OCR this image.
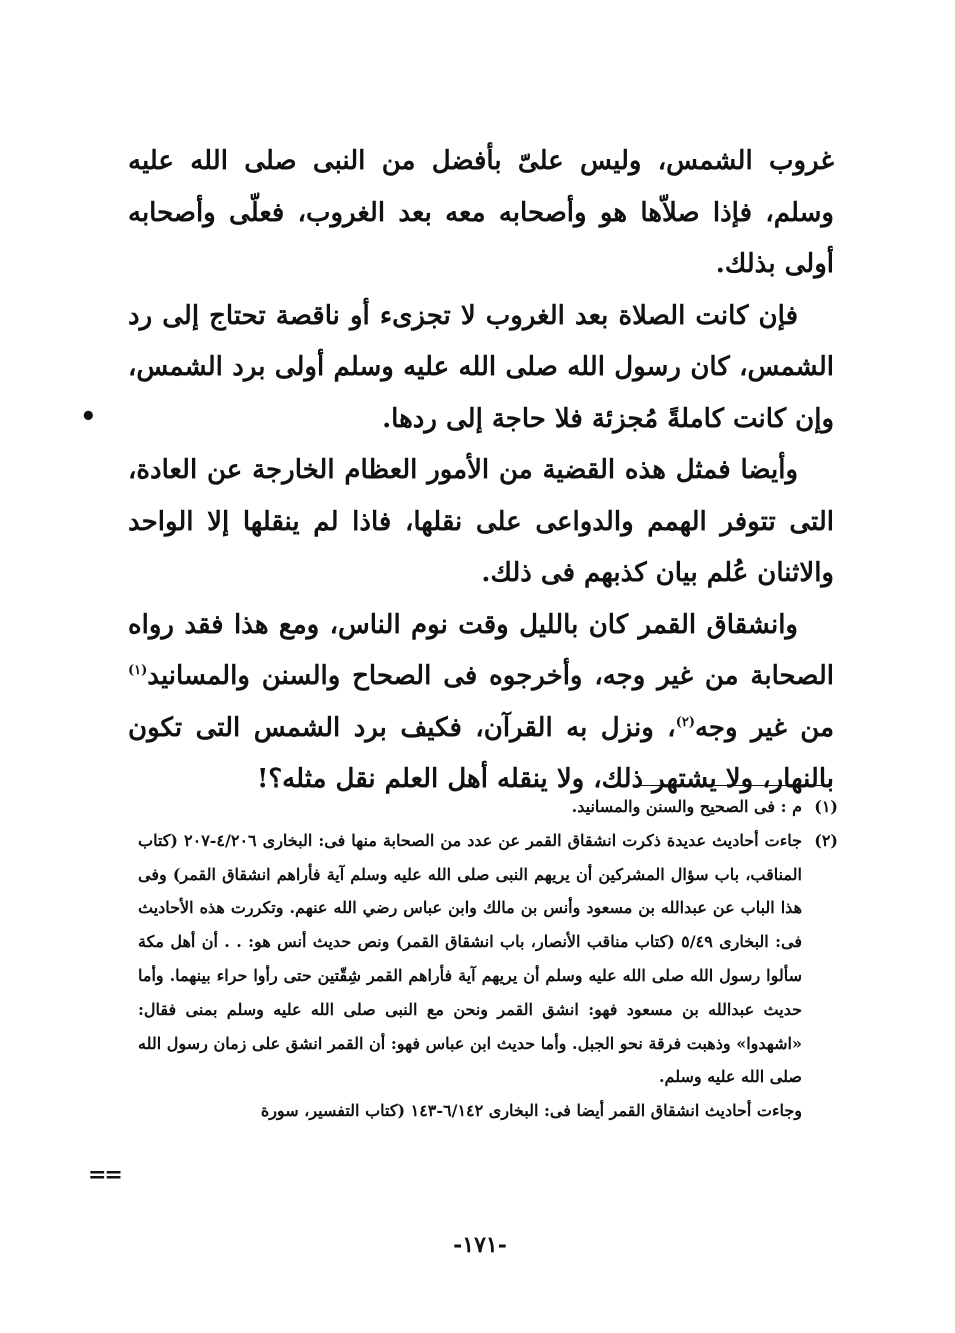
غروب الشمس، وليس علىّ بأفضل من النبى صلى الله عليه وسلم، فإذا صلاّها هو وأصحابه معه بعد الغروب، فعلّى وأصحابه أولى بذلك.

فإن كانت الصلاة بعد الغروب لا تجزىء أو ناقصة تحتاج إلى رد الشمس، كان رسول الله صلى الله عليه وسلم أولى برد الشمس، وإن كانت كاملةً مُجزئة فلا حاجة إلى ردها.

وأيضا فمثل هذه القضية من الأمور العظام الخارجة عن العادة، التى تتوفر الهمم والدواعى على نقلها، فاذا لم ينقلها إلا الواحد والاثنان عُلم بيان كذبهم فى ذلك.

وانشقاق القمر كان بالليل وقت نوم الناس، ومع هذا فقد رواه الصحابة من غير وجه، وأخرجوه فى الصحاح والسنن والمسانيد$^{(١)}$ من غير وجه$^{(٢)}$، ونزل به القرآن، فكيف برد الشمس التى تكون بالنهار، ولا يشتهر ذلك، ولا ينقله أهل العلم نقل مثله؟!

•
(١)
م : فى الصحيح والسنن والمسانيد.
(٢)
جاءت أحاديث عديدة ذكرت انشقاق القمر عن عدد من الصحابة منها فى: البخارى ٤/٢٠٦-٢٠٧ (كتاب المناقب، باب سؤال المشركين أن يريهم النبى صلى الله عليه وسلم آية فأراهم انشقاق القمر) وفى هذا الباب عن عبدالله بن مسعود وأنس بن مالك وابن عباس رضي الله عنهم. وتكررت هذه الأحاديث فى: البخارى ٥/٤٩ (كتاب مناقب الأنصار، باب انشقاق القمر) ونص حديث أنس هو: . . أن أهل مكة سألوا رسول الله صلى الله عليه وسلم أن يريهم آية فأراهم القمر شِقّتين حتى رأوا حراء بينهما. وأما حديث عبدالله بن مسعود فهو: انشق القمر ونحن مع النبى صلى الله عليه وسلم بمنى فقال: «اشهدوا» وذهبت فرقة نحو الجبل. وأما حديث ابن عباس فهو: أن القمر انشق على زمان رسول الله صلى الله عليه وسلم.
وجاءت أحاديث انشقاق القمر أيضا فى: البخارى ٦/١٤٢-١٤٣ (كتاب التفسير، سورة
==
-١٧١-
